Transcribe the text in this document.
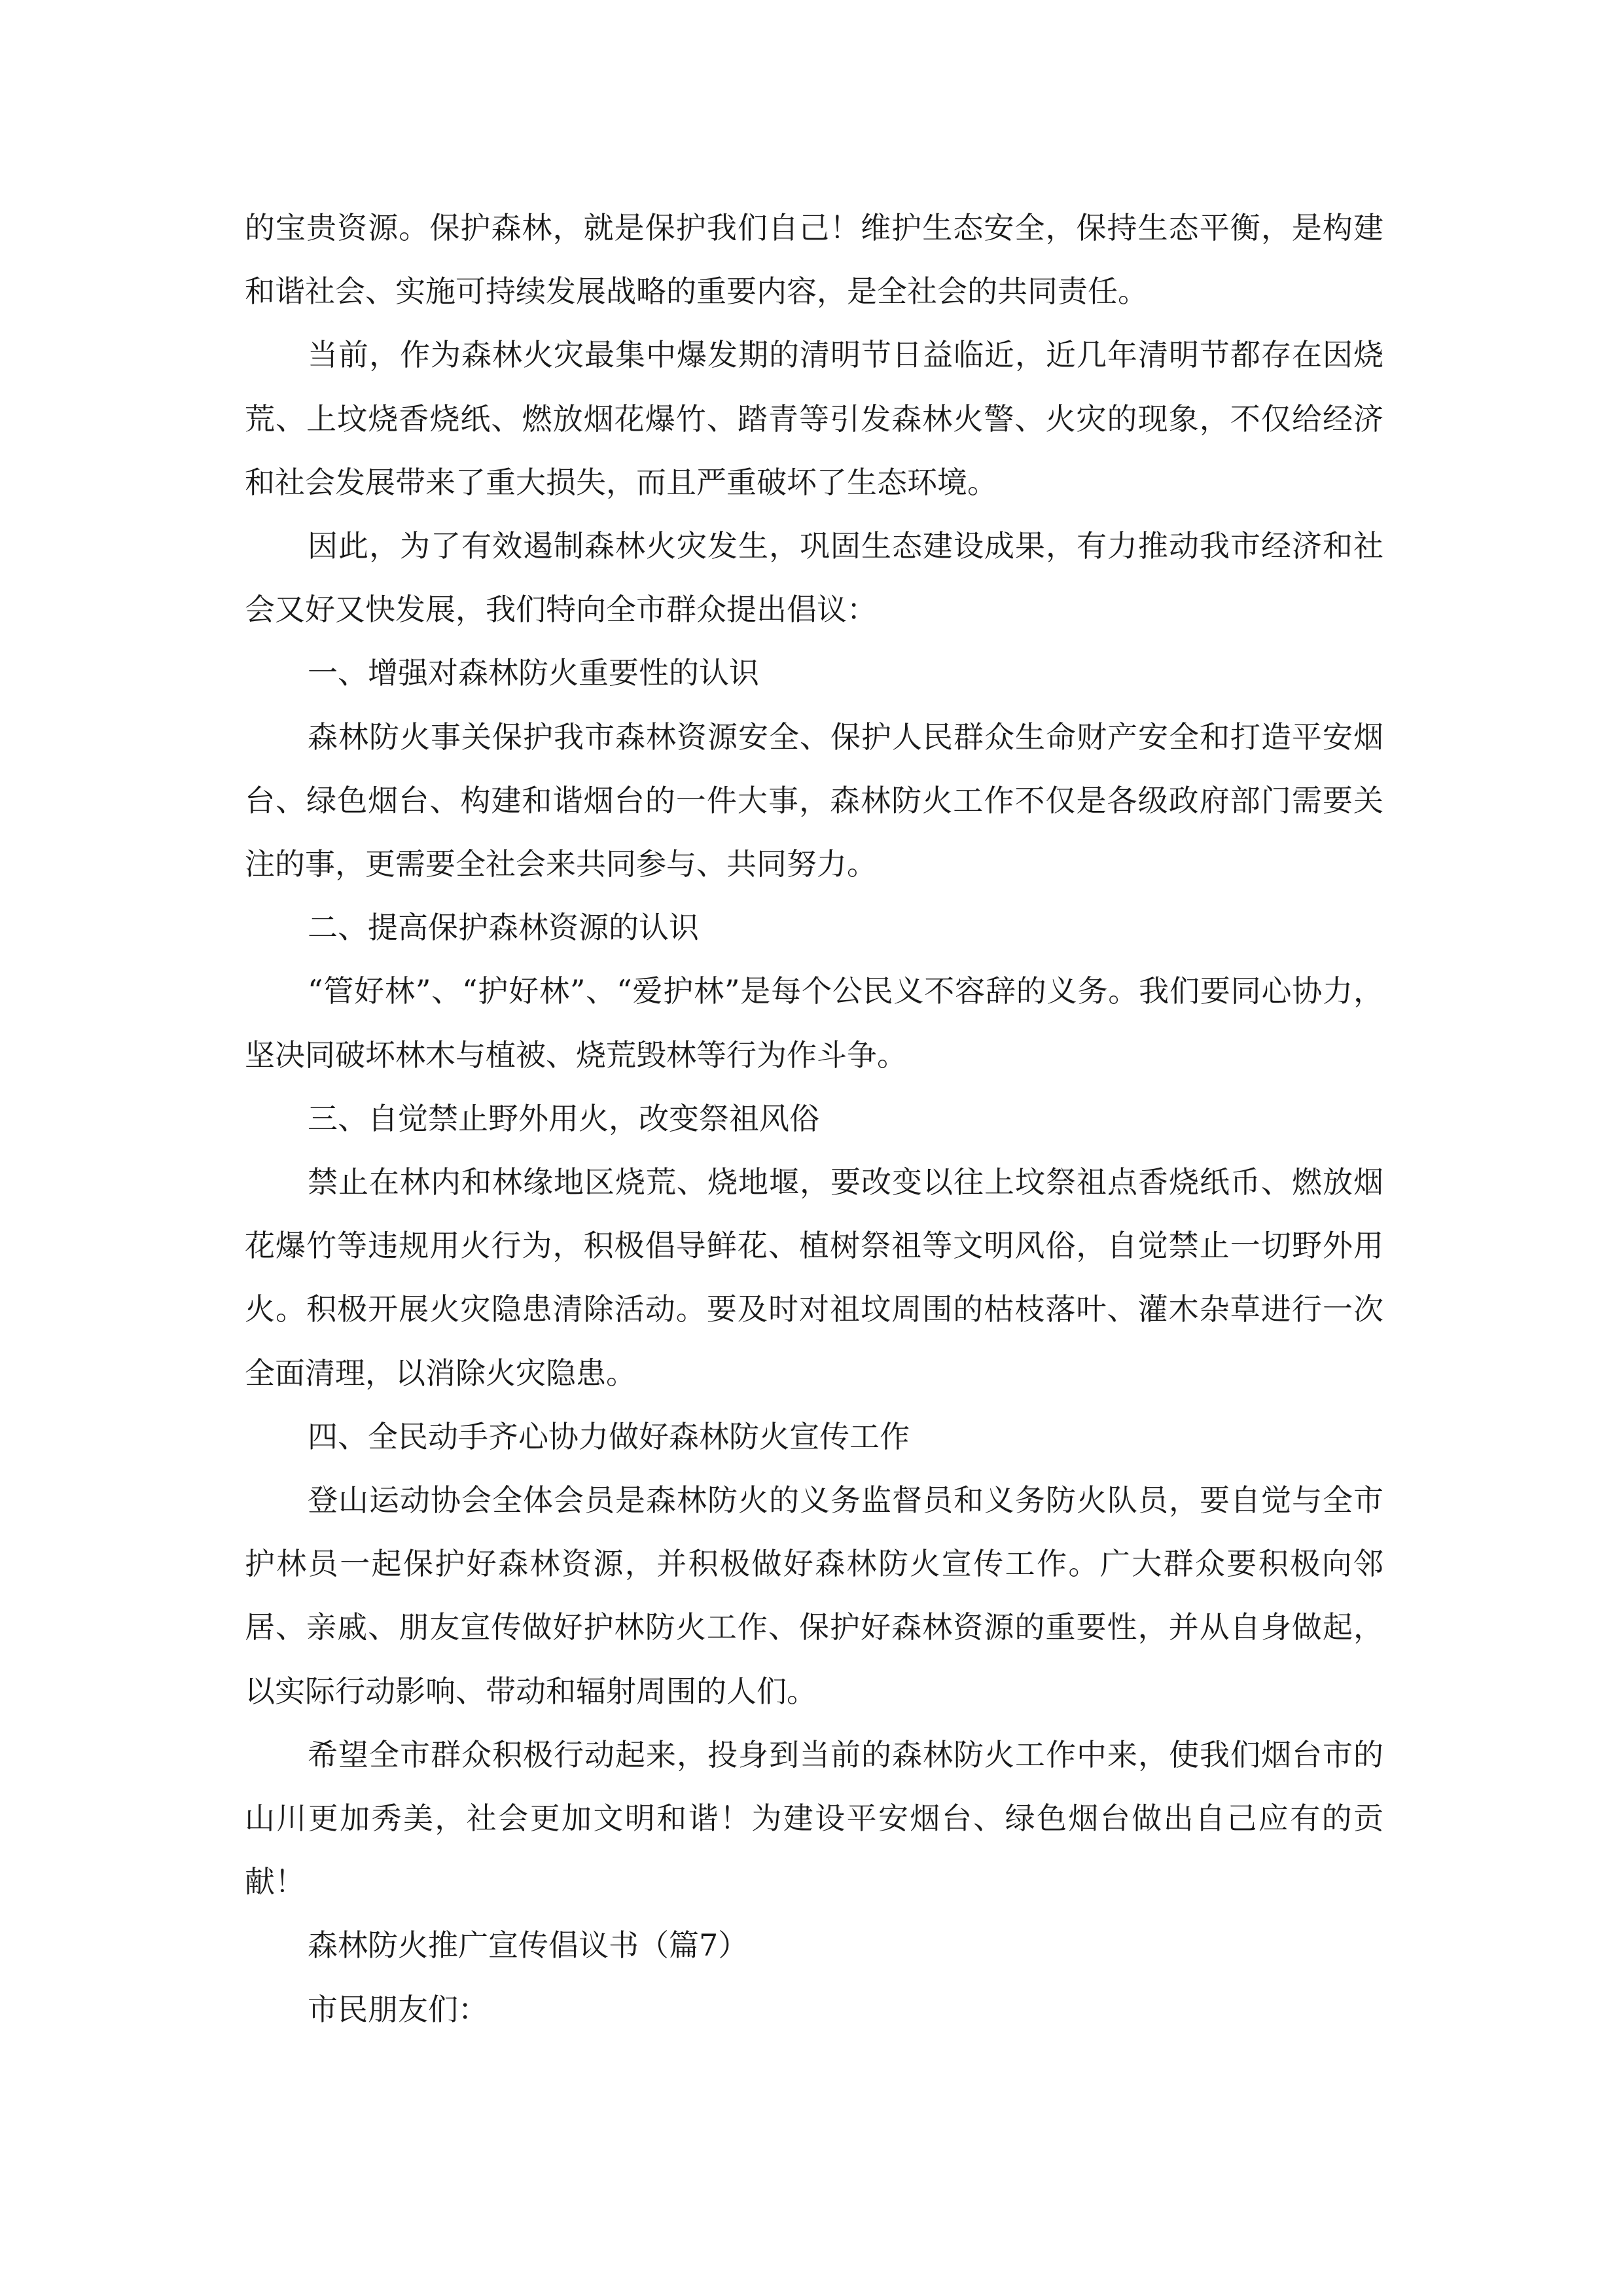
的宝贵资源。保护森林，就是保护我们自己！维护生态安全，保持生态平衡，是构建和谐社会、实施可持续发展战略的重要内容，是全社会的共同责任。

当前，作为森林火灾最集中爆发期的清明节日益临近，近几年清明节都存在因烧荒、上坟烧香烧纸、燃放烟花爆竹、踏青等引发森林火警、火灾的现象，不仅给经济和社会发展带来了重大损失，而且严重破坏了生态环境。

因此，为了有效遏制森林火灾发生，巩固生态建设成果，有力推动我市经济和社会又好又快发展，我们特向全市群众提出倡议：

一、增强对森林防火重要性的认识

森林防火事关保护我市森林资源安全、保护人民群众生命财产安全和打造平安烟台、绿色烟台、构建和谐烟台的一件大事，森林防火工作不仅是各级政府部门需要关注的事，更需要全社会来共同参与、共同努力。

二、提高保护森林资源的认识

“管好林”、“护好林”、“爱护林”是每个公民义不容辞的义务。我们要同心协力，坚决同破坏林木与植被、烧荒毁林等行为作斗争。

三、自觉禁止野外用火，改变祭祖风俗

禁止在林内和林缘地区烧荒、烧地堰，要改变以往上坟祭祖点香烧纸币、燃放烟花爆竹等违规用火行为，积极倡导鲜花、植树祭祖等文明风俗，自觉禁止一切野外用火。积极开展火灾隐患清除活动。要及时对祖坟周围的枯枝落叶、灌木杂草进行一次全面清理，以消除火灾隐患。

四、全民动手齐心协力做好森林防火宣传工作

登山运动协会全体会员是森林防火的义务监督员和义务防火队员，要自觉与全市护林员一起保护好森林资源，并积极做好森林防火宣传工作。广大群众要积极向邻居、亲戚、朋友宣传做好护林防火工作、保护好森林资源的重要性，并从自身做起，以实际行动影响、带动和辐射周围的人们。

希望全市群众积极行动起来，投身到当前的森林防火工作中来，使我们烟台市的山川更加秀美，社会更加文明和谐！为建设平安烟台、绿色烟台做出自己应有的贡献！

森林防火推广宣传倡议书（篇7）

市民朋友们：
